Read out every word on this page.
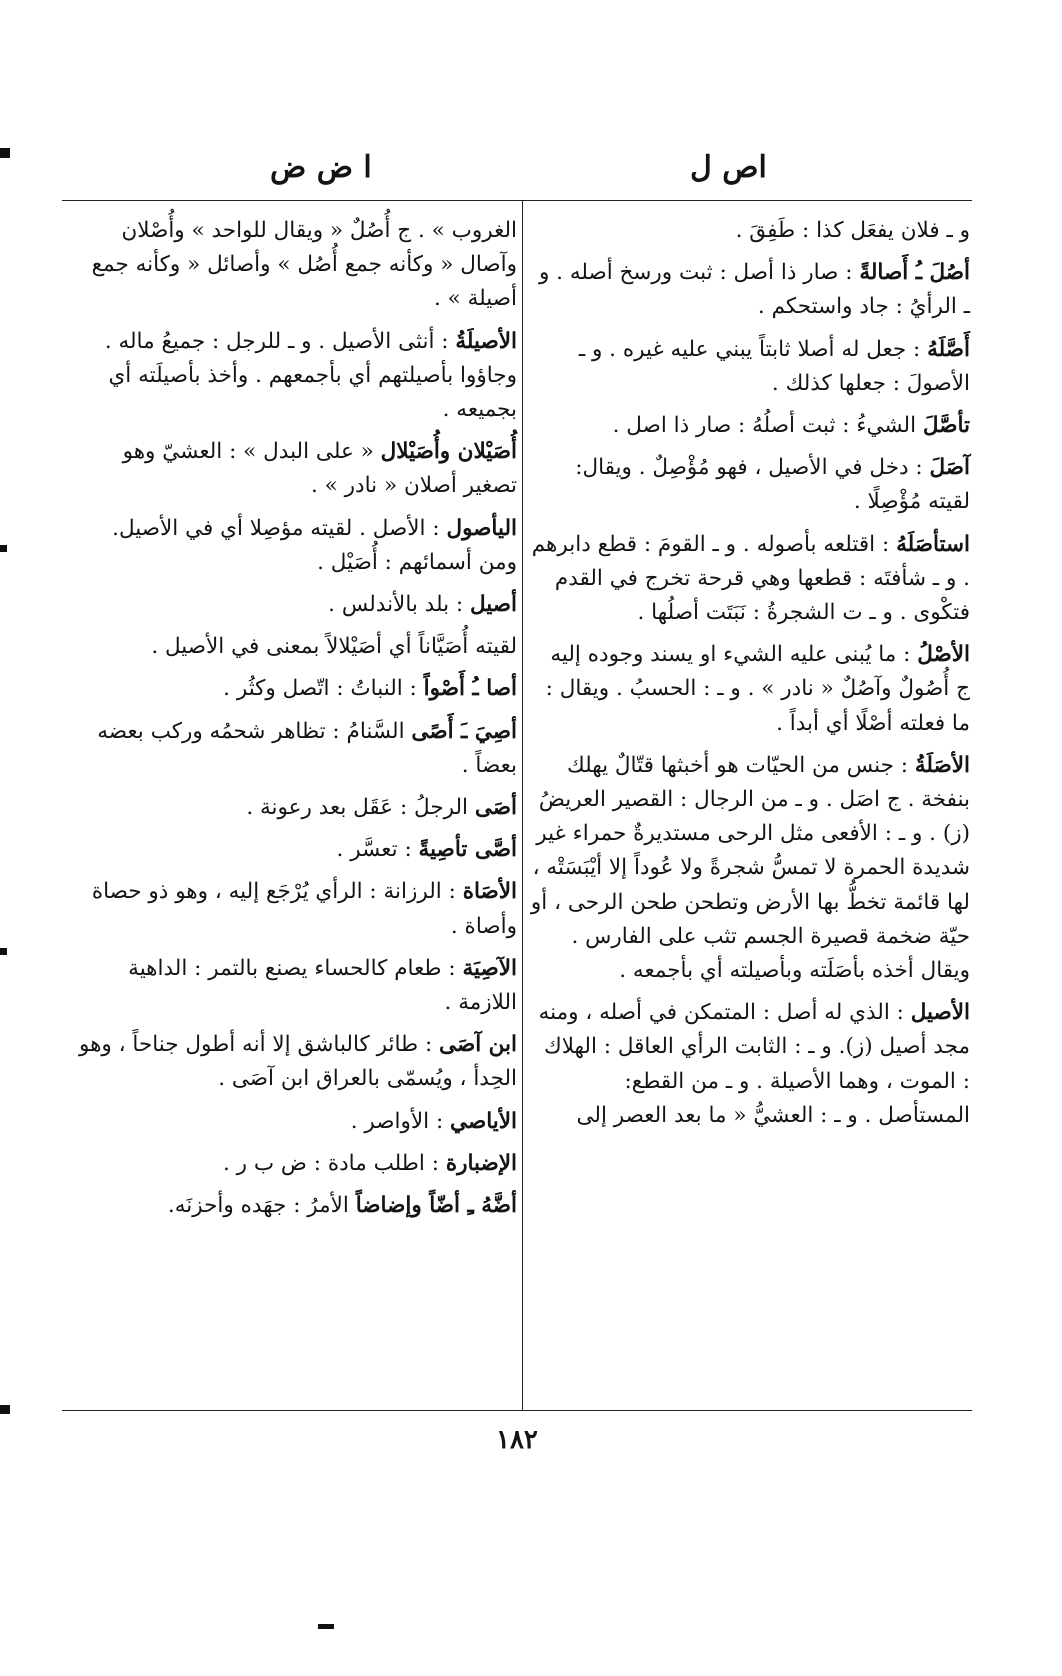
اص ل
ا ض ض
و ـ فلان يفعَل كذا : طَفِقَ .
أصُلَ ـُ أَصالةً : صار ذا أصل : ثبت ورسخ أصله . و ـ الرأيُ : جاد واستحكم .
أَصَّلَهُ : جعل له أصلا ثابتاً يبني عليه غيره . و ـ الأصولَ : جعلها كذلك .
تأصَّلَ الشيءُ : ثبت أصلُهُ : صار ذا اصل .
آصَلَ : دخل في الأصيل ، فهو مُؤْصِلٌ . ويقال: لقيته مُؤْصِلًا .
استأصَلَهُ : اقتلعه بأصوله . و ـ القومَ : قطع دابرهم . و ـ شأفتَه : قطعها وهي قرحة تخرج في القدم فتكْوى . و ـ ت الشجرةُ : نَبَتَت أصلُها .
الأصْلُ : ما يُبنى عليه الشيء او يسند وجوده إليه ج أُصُولٌ وآصُلٌ « نادر » . و ـ : الحسبُ . ويقال : ما فعلته أصْلًا أي أبداً .
الأصَلَةُ : جنس من الحيّات هو أخبثها قتّالٌ يهلك بنفخة . ج اصَل . و ـ من الرجال : القصير العريضُ (ز) . و ـ : الأفعى مثل الرحى مستديرةٌ حمراء غير شديدة الحمرة لا تمسُّ شجرةً ولا عُوداً إلا أيْبَسَتْه ، لها قائمة تخطُّ بها الأرض وتطحن طحن الرحى ، أو حيّة ضخمة قصيرة الجسم تثب على الفارس . ويقال أخذه بأصَلَته وبأصيلته أي بأجمعه .
الأصيل : الذي له أصل : المتمكن في أصله ، ومنه مجد أصيل (ز). و ـ : الثابت الرأي العاقل : الهلاك : الموت ، وهما الأصيلة . و ـ من القطع: المستأصل . و ـ : العشيُّ « ما بعد العصر إلى
الغروب » . ج أُصُلٌ « ويقال للواحد » وأُصْلان وآصال « وكأنه جمع أُصُل » وأصائل « وكأنه جمع أصيلة » .
الأصيلَةُ : أنثى الأصيل . و ـ للرجل : جميعُ ماله . وجاؤوا بأصيلتهم أي بأجمعهم . وأخذ بأصيلَته أي بجميعه .
أُصَيْلان وأُصَيْلال « على البدل » : العشيّ وهو تصغير أصلان « نادر » .
اليأصول : الأصل . لقيته مؤصِلا أي في الأصيل. ومن أسمائهم : أُصَيْل .
أصيل : بلد بالأندلس .
لقيته أُصَيَّاناً أي أصَيْلالاً بمعنى في الأصيل .
أصا ـُ أَصْواً : النباتُ : اتّصل وكثُر .
أصِيَ ـَ أَصًى السَّنامُ : تظاهر شحمُه وركب بعضه بعضاً .
أصَى الرجلُ : عَقَل بعد رعونة .
أصَّى تأصِيةً : تعسَّر .
الأصَاة : الرزانة : الرأي يُرْجَع إليه ، وهو ذو حصاة وأصاة .
الآصِيَة : طعام كالحساء يصنع بالتمر : الداهية اللازمة .
ابن آصَى : طائر كالباشق إلا أنه أطول جناحاً ، وهو الحِدأ ، ويُسمّى بالعراق ابن آصَى .
الأياصي : الأواصر .
الإضبارة : اطلب مادة : ض ب ر .
أضَّهُ ـِ أضّاً وإضاضاً الأمرُ : جهَده وأحزنَه.
١٨٢
